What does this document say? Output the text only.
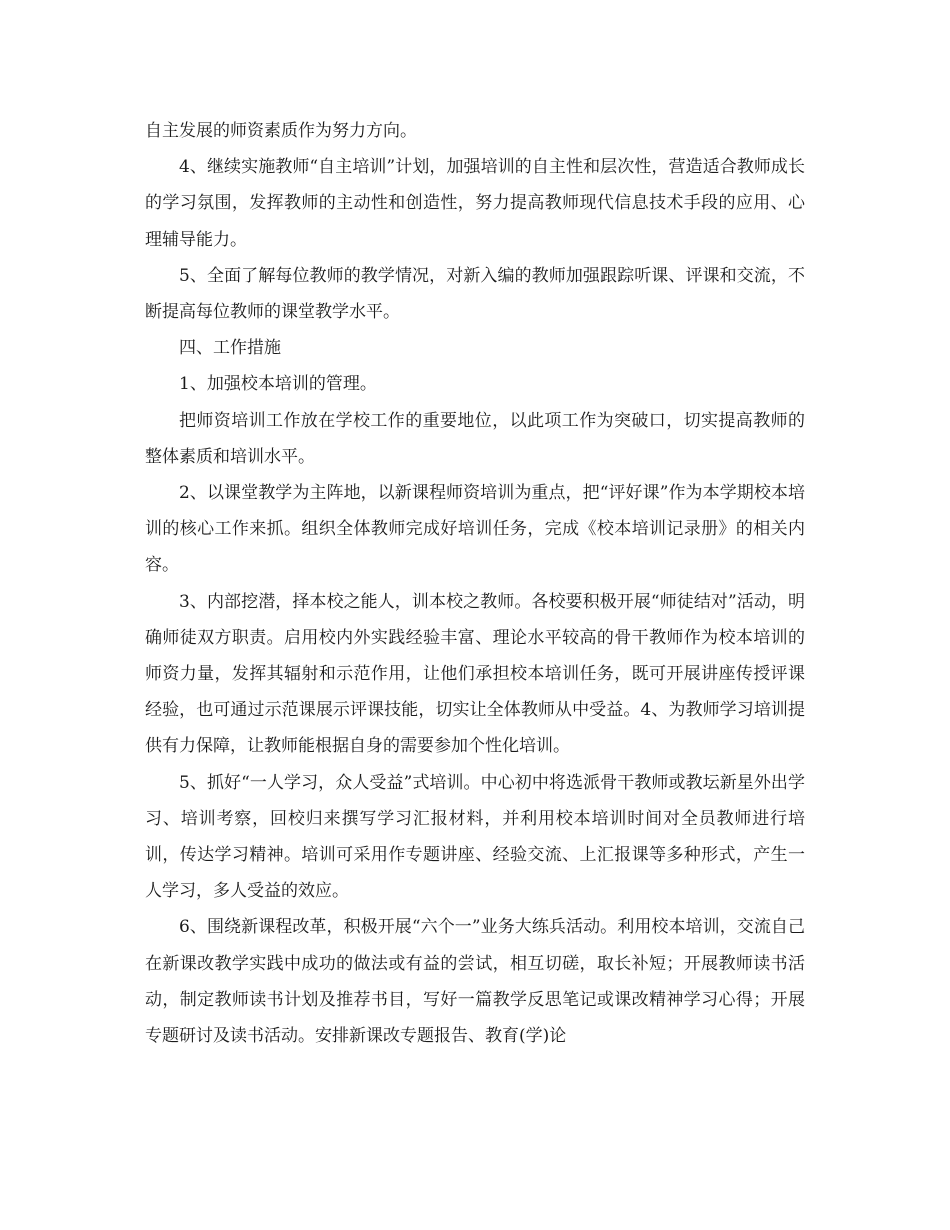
自主发展的师资素质作为努力方向。

4、继续实施教师“自主培训”计划，加强培训的自主性和层次性，营造适合教师成长的学习氛围，发挥教师的主动性和创造性，努力提高教师现代信息技术手段的应用、心理辅导能力。

5、全面了解每位教师的教学情况，对新入编的教师加强跟踪听课、评课和交流，不断提高每位教师的课堂教学水平。

四、工作措施

1、加强校本培训的管理。

把师资培训工作放在学校工作的重要地位，以此项工作为突破口，切实提高教师的整体素质和培训水平。

2、以课堂教学为主阵地，以新课程师资培训为重点，把“评好课”作为本学期校本培训的核心工作来抓。组织全体教师完成好培训任务，完成《校本培训记录册》的相关内容。

3、内部挖潜，择本校之能人，训本校之教师。各校要积极开展“师徒结对”活动，明确师徒双方职责。启用校内外实践经验丰富、理论水平较高的骨干教师作为校本培训的师资力量，发挥其辐射和示范作用，让他们承担校本培训任务，既可开展讲座传授评课经验，也可通过示范课展示评课技能，切实让全体教师从中受益。4、为教师学习培训提供有力保障，让教师能根据自身的需要参加个性化培训。

5、抓好“一人学习，众人受益”式培训。中心初中将选派骨干教师或教坛新星外出学习、培训考察，回校归来撰写学习汇报材料，并利用校本培训时间对全员教师进行培训，传达学习精神。培训可采用作专题讲座、经验交流、上汇报课等多种形式，产生一人学习，多人受益的效应。

6、围绕新课程改革，积极开展“六个一”业务大练兵活动。利用校本培训，交流自己在新课改教学实践中成功的做法或有益的尝试，相互切磋，取长补短；开展教师读书活动，制定教师读书计划及推荐书目，写好一篇教学反思笔记或课改精神学习心得；开展专题研讨及读书活动。安排新课改专题报告、教育(学)论
